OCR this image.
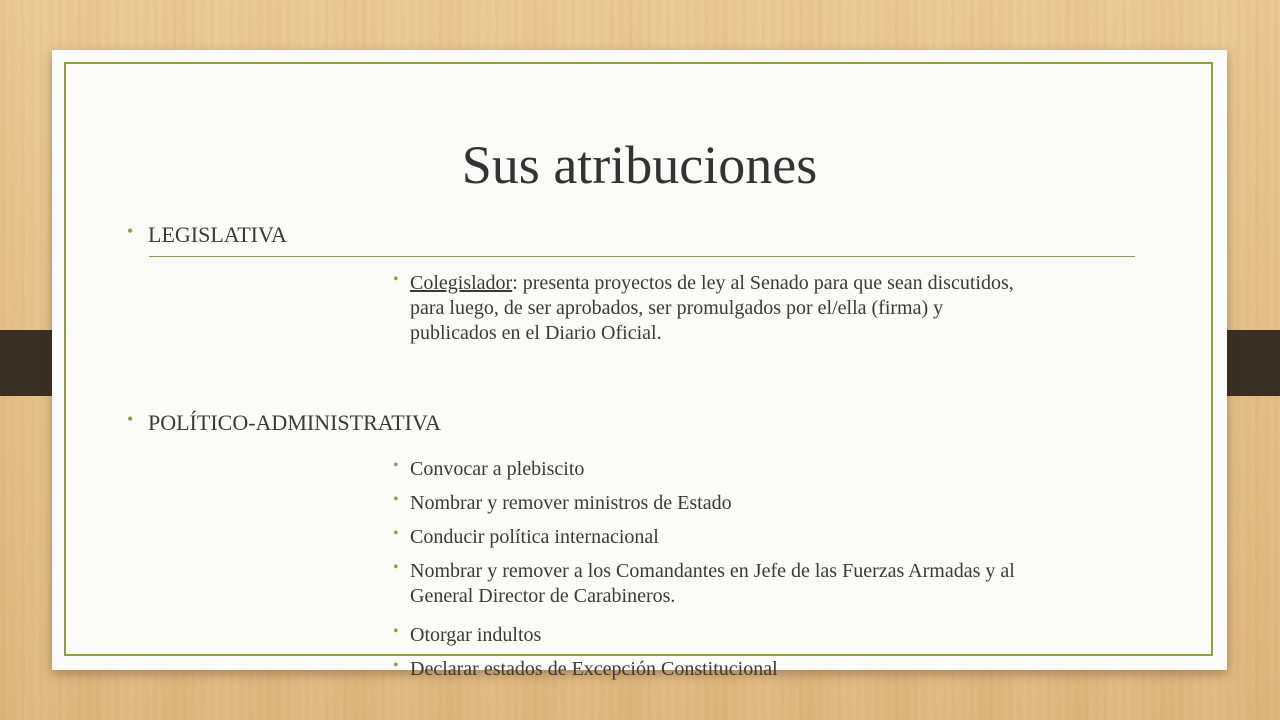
Sus atribuciones
• LEGISLATIVA
• Colegislador: presenta proyectos de ley al Senado para que sean discutidos, para luego, de ser aprobados, ser promulgados por el/ella (firma) y publicados en el Diario Oficial.
• POLÍTICO-ADMINISTRATIVA
• Convocar a plebiscito
• Nombrar y remover ministros de Estado
• Conducir política internacional
• Nombrar y remover a los Comandantes en Jefe de las Fuerzas Armadas y al General Director de Carabineros.
• Otorgar indultos
• Declarar estados de Excepción Constitucional
